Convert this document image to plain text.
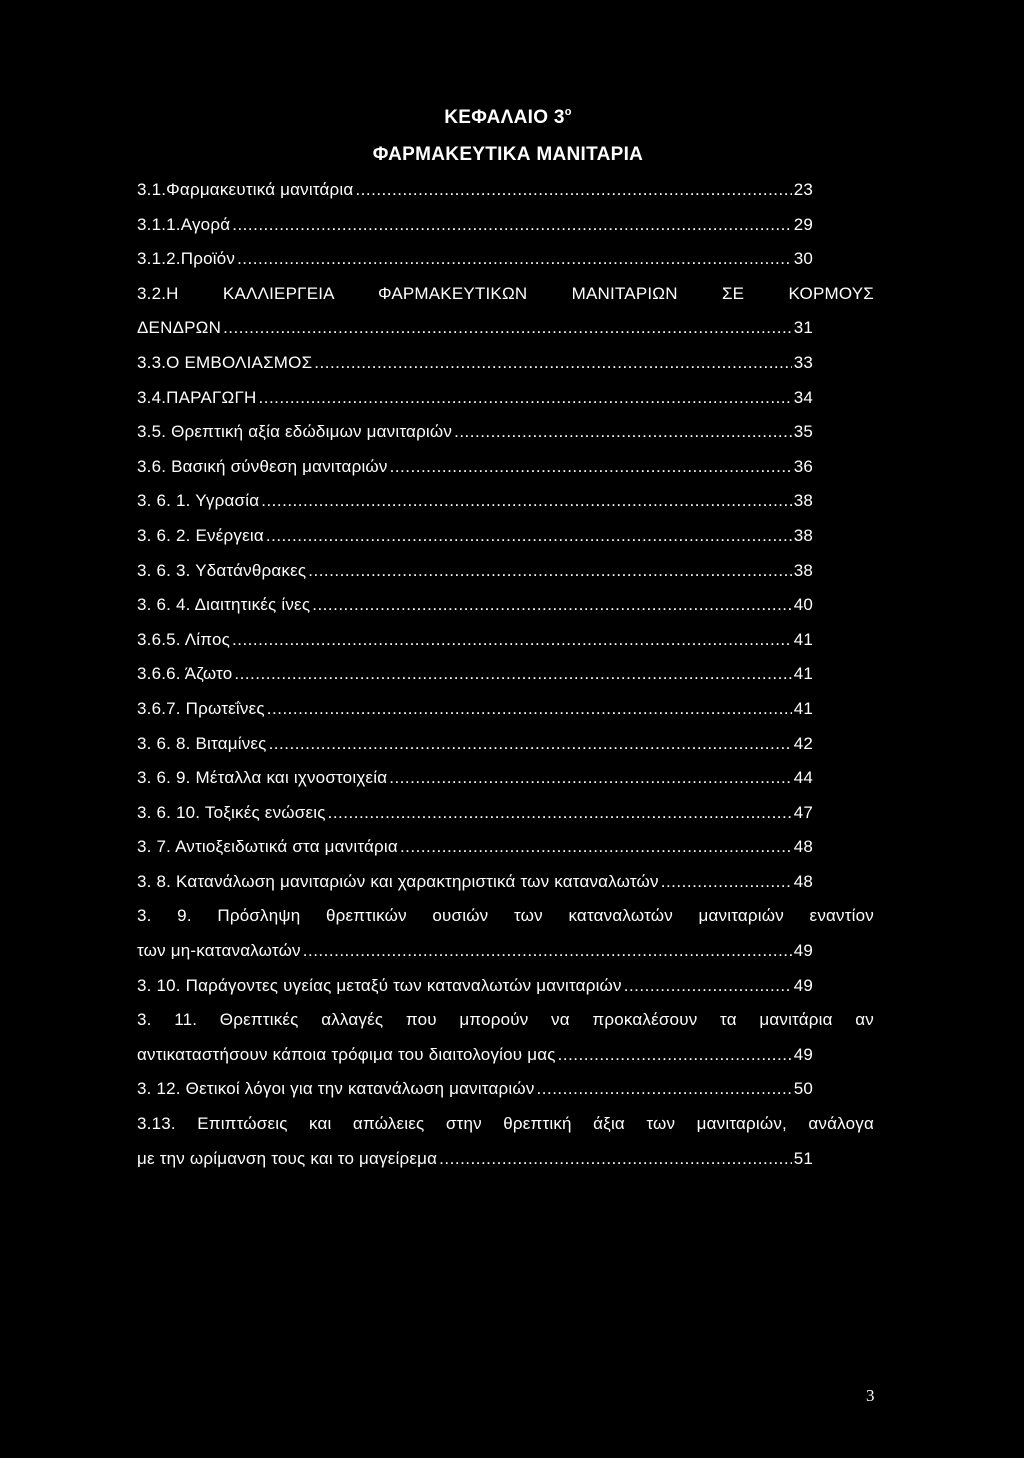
ΚΕΦΑΛΑΙΟ $3^o$
ΦΑΡΜΑΚΕΥΤΙΚΑ ΜΑΝΙΤΑΡΙΑ
3.1.Φαρμακευτικά μανιτάρια .....	23
3.1.1.Αγορά .....	29
3.1.2.Προϊόν .....	30
3.2.Η ΚΑΛΛΙΕΡΓΕΙΑ ΦΑΡΜΑΚΕΥΤΙΚΩΝ ΜΑΝΙΤΑΡΙΩΝ ΣΕ ΚΟΡΜΟΥΣ
ΔΕΝΔΡΩΝ .....	31
3.3.Ο ΕΜΒΟΛΙΑΣΜΟΣ .....	33
3.4.ΠΑΡΑΓΩΓΗ .....	34
3.5. Θρεπτική αξία εδώδιμων μανιταριών .....	35
3.6. Βασική σύνθεση μανιταριών .....	36
3. 6. 1. Υγρασία .....	38
3. 6. 2. Ενέργεια .....	38
3. 6. 3. Υδατάνθρακες .....	38
3. 6. 4. Διαιτητικές ίνες .....	40
3.6.5. Λίπος .....	41
3.6.6. Άζωτο .....	41
3.6.7. Πρωτεΐνες .....	41
3. 6. 8. Βιταμίνες .....	42
3. 6. 9. Μέταλλα και ιχνοστοιχεία .....	44
3. 6. 10. Τοξικές ενώσεις .....	47
3. 7. Αντιοξειδωτικά στα μανιτάρια .....	48
3. 8. Κατανάλωση μανιταριών και χαρακτηριστικά των καταναλωτών .....	48
3. 9. Πρόσληψη θρεπτικών ουσιών των καταναλωτών μανιταριών εναντίον
των μη-καταναλωτών .....	49
3. 10. Παράγοντες υγείας μεταξύ των καταναλωτών μανιταριών .....	49
3. 11. Θρεπτικές αλλαγές που μπορούν να προκαλέσουν τα μανιτάρια αν
αντικαταστήσουν κάποια τρόφιμα του διαιτολογίου μας .....	49
3. 12. Θετικοί λόγοι για την κατανάλωση μανιταριών .....	50
3.13. Επιπτώσεις και απώλειες στην θρεπτική άξια των μανιταριών, ανάλογα
με την ωρίμανση τους και το μαγείρεμα .....	51
3
